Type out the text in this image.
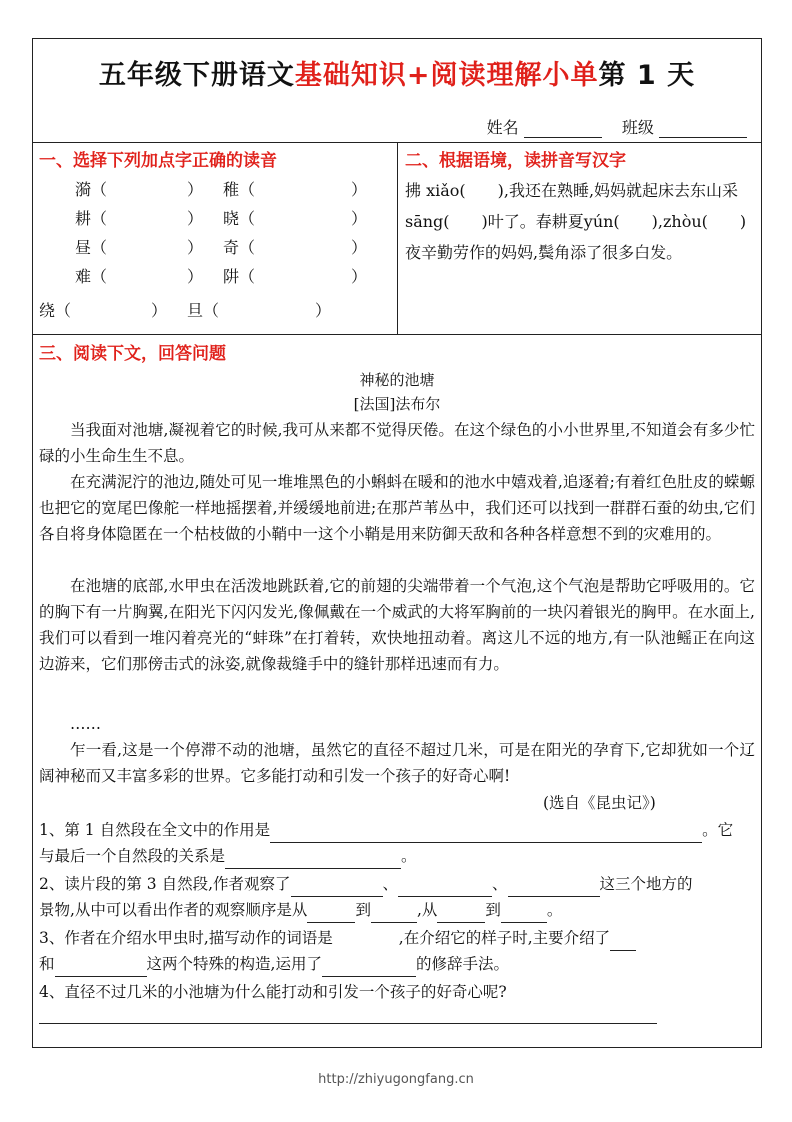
五年级下册语文基础知识+阅读理解小单第 1 天
姓名	班级
一、选择下列加点字正确的读音
漪（　　　　　） 稚（　　　　　　）
耕（　　　　　） 晓（　　　　　　）
昼（　　　　　） 奇（　　　　　　）
难（　　　　　） 阱（　　　　　　）
绕（　　　　　） 旦（　　　　　　）
二、根据语境，读拼音写汉字
拂 xiǎo(　　),我还在熟睡,妈妈就起床去东山采 sāng(　　)叶了。春耕夏yún(　　),zhòu(　　)夜辛勤劳作的妈妈,鬓角添了很多白发。
三、阅读下文，回答问题
神秘的池塘
[法国]法布尔
当我面对池塘,凝视着它的时候,我可从来都不觉得厌倦。在这个绿色的小小世界里,不知道会有多少忙碌的小生命生生不息。
在充满泥泞的池边,随处可见一堆堆黑色的小蝌蚪在暖和的池水中嬉戏着,追逐着;有着红色肚皮的蝾螈也把它的宽尾巴像舵一样地摇摆着,并缓缓地前进;在那芦苇丛中，我们还可以找到一群群石蚕的幼虫,它们各自将身体隐匿在一个枯枝做的小鞘中一这个小鞘是用来防御天敌和各种各样意想不到的灾难用的。
在池塘的底部,水甲虫在活泼地跳跃着,它的前翅的尖端带着一个气泡,这个气泡是帮助它呼吸用的。它的胸下有一片胸翼,在阳光下闪闪发光,像佩戴在一个威武的大将军胸前的一块闪着银光的胸甲。在水面上,我们可以看到一堆闪着亮光的“蚌珠”在打着转，欢快地扭动着。离这儿不远的地方,有一队池鳐正在向这边游来，它们那傍击式的泳姿,就像裁缝手中的缝针那样迅速而有力。
……
乍一看,这是一个停滞不动的池塘，虽然它的直径不超过几米，可是在阳光的孕育下,它却犹如一个辽阔神秘而又丰富多彩的世界。它多能打动和引发一个孩子的好奇心啊!
(选自《昆虫记》)
1、第 1 自然段在全文中的作用是	。它
与最后一个自然段的关系是	。
2、读片段的第 3 自然段,作者观察了	、	、	这三个地方的
景物,从中可以看出作者的观察顺序是从	到	,从	到	。
3、作者在介绍水甲虫时,描写动作的词语是	,在介绍它的样子时,主要介绍了
和	这两个特殊的构造,运用了	的修辞手法。
4、直径不过几米的小池塘为什么能打动和引发一个孩子的好奇心呢?
http://zhiyugongfang.cn
